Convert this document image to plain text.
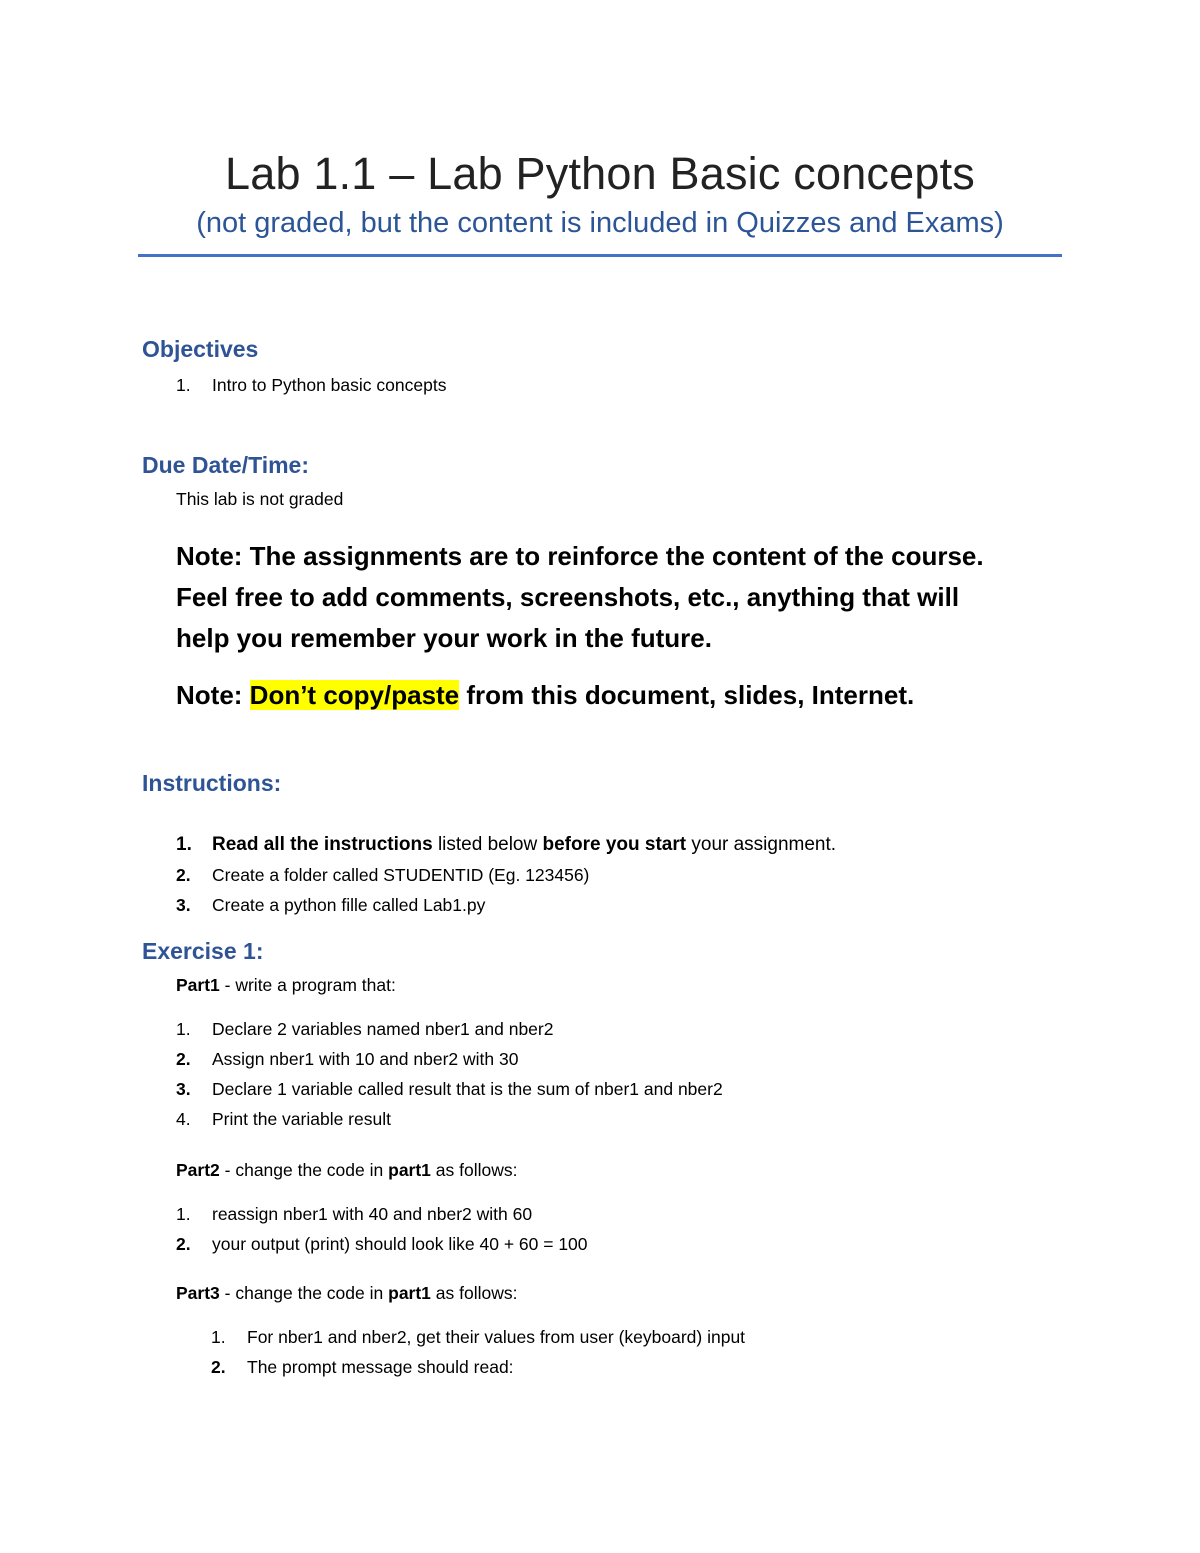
Lab 1.1 – Lab Python Basic concepts
(not graded, but the content is included in Quizzes and Exams)
Objectives
1.	Intro to Python basic concepts
Due Date/Time:
This lab is not graded
Note: The assignments are to reinforce the content of the course.
Feel free to add comments, screenshots, etc., anything that will
help you remember your work in the future.
Note: Don’t copy/paste from this document, slides, Internet.
Instructions:
1.	Read all the instructions listed below before you start your assignment.
2.	Create a folder called STUDENTID (Eg. 123456)
3.	Create a python fille called Lab1.py
Exercise 1:
Part1 - write a program that:
1.	Declare 2 variables named nber1 and nber2
2.	Assign nber1 with 10 and nber2 with 30
3.	Declare 1 variable called result that is the sum of nber1 and nber2
4.	Print the variable result
Part2 - change the code in part1 as follows:
1.	reassign nber1 with 40 and nber2 with 60
2.	your output (print) should look like 40 + 60 = 100
Part3 - change the code in part1 as follows:
1.	For nber1 and nber2, get their values from user (keyboard) input
2.	The prompt message should read:
